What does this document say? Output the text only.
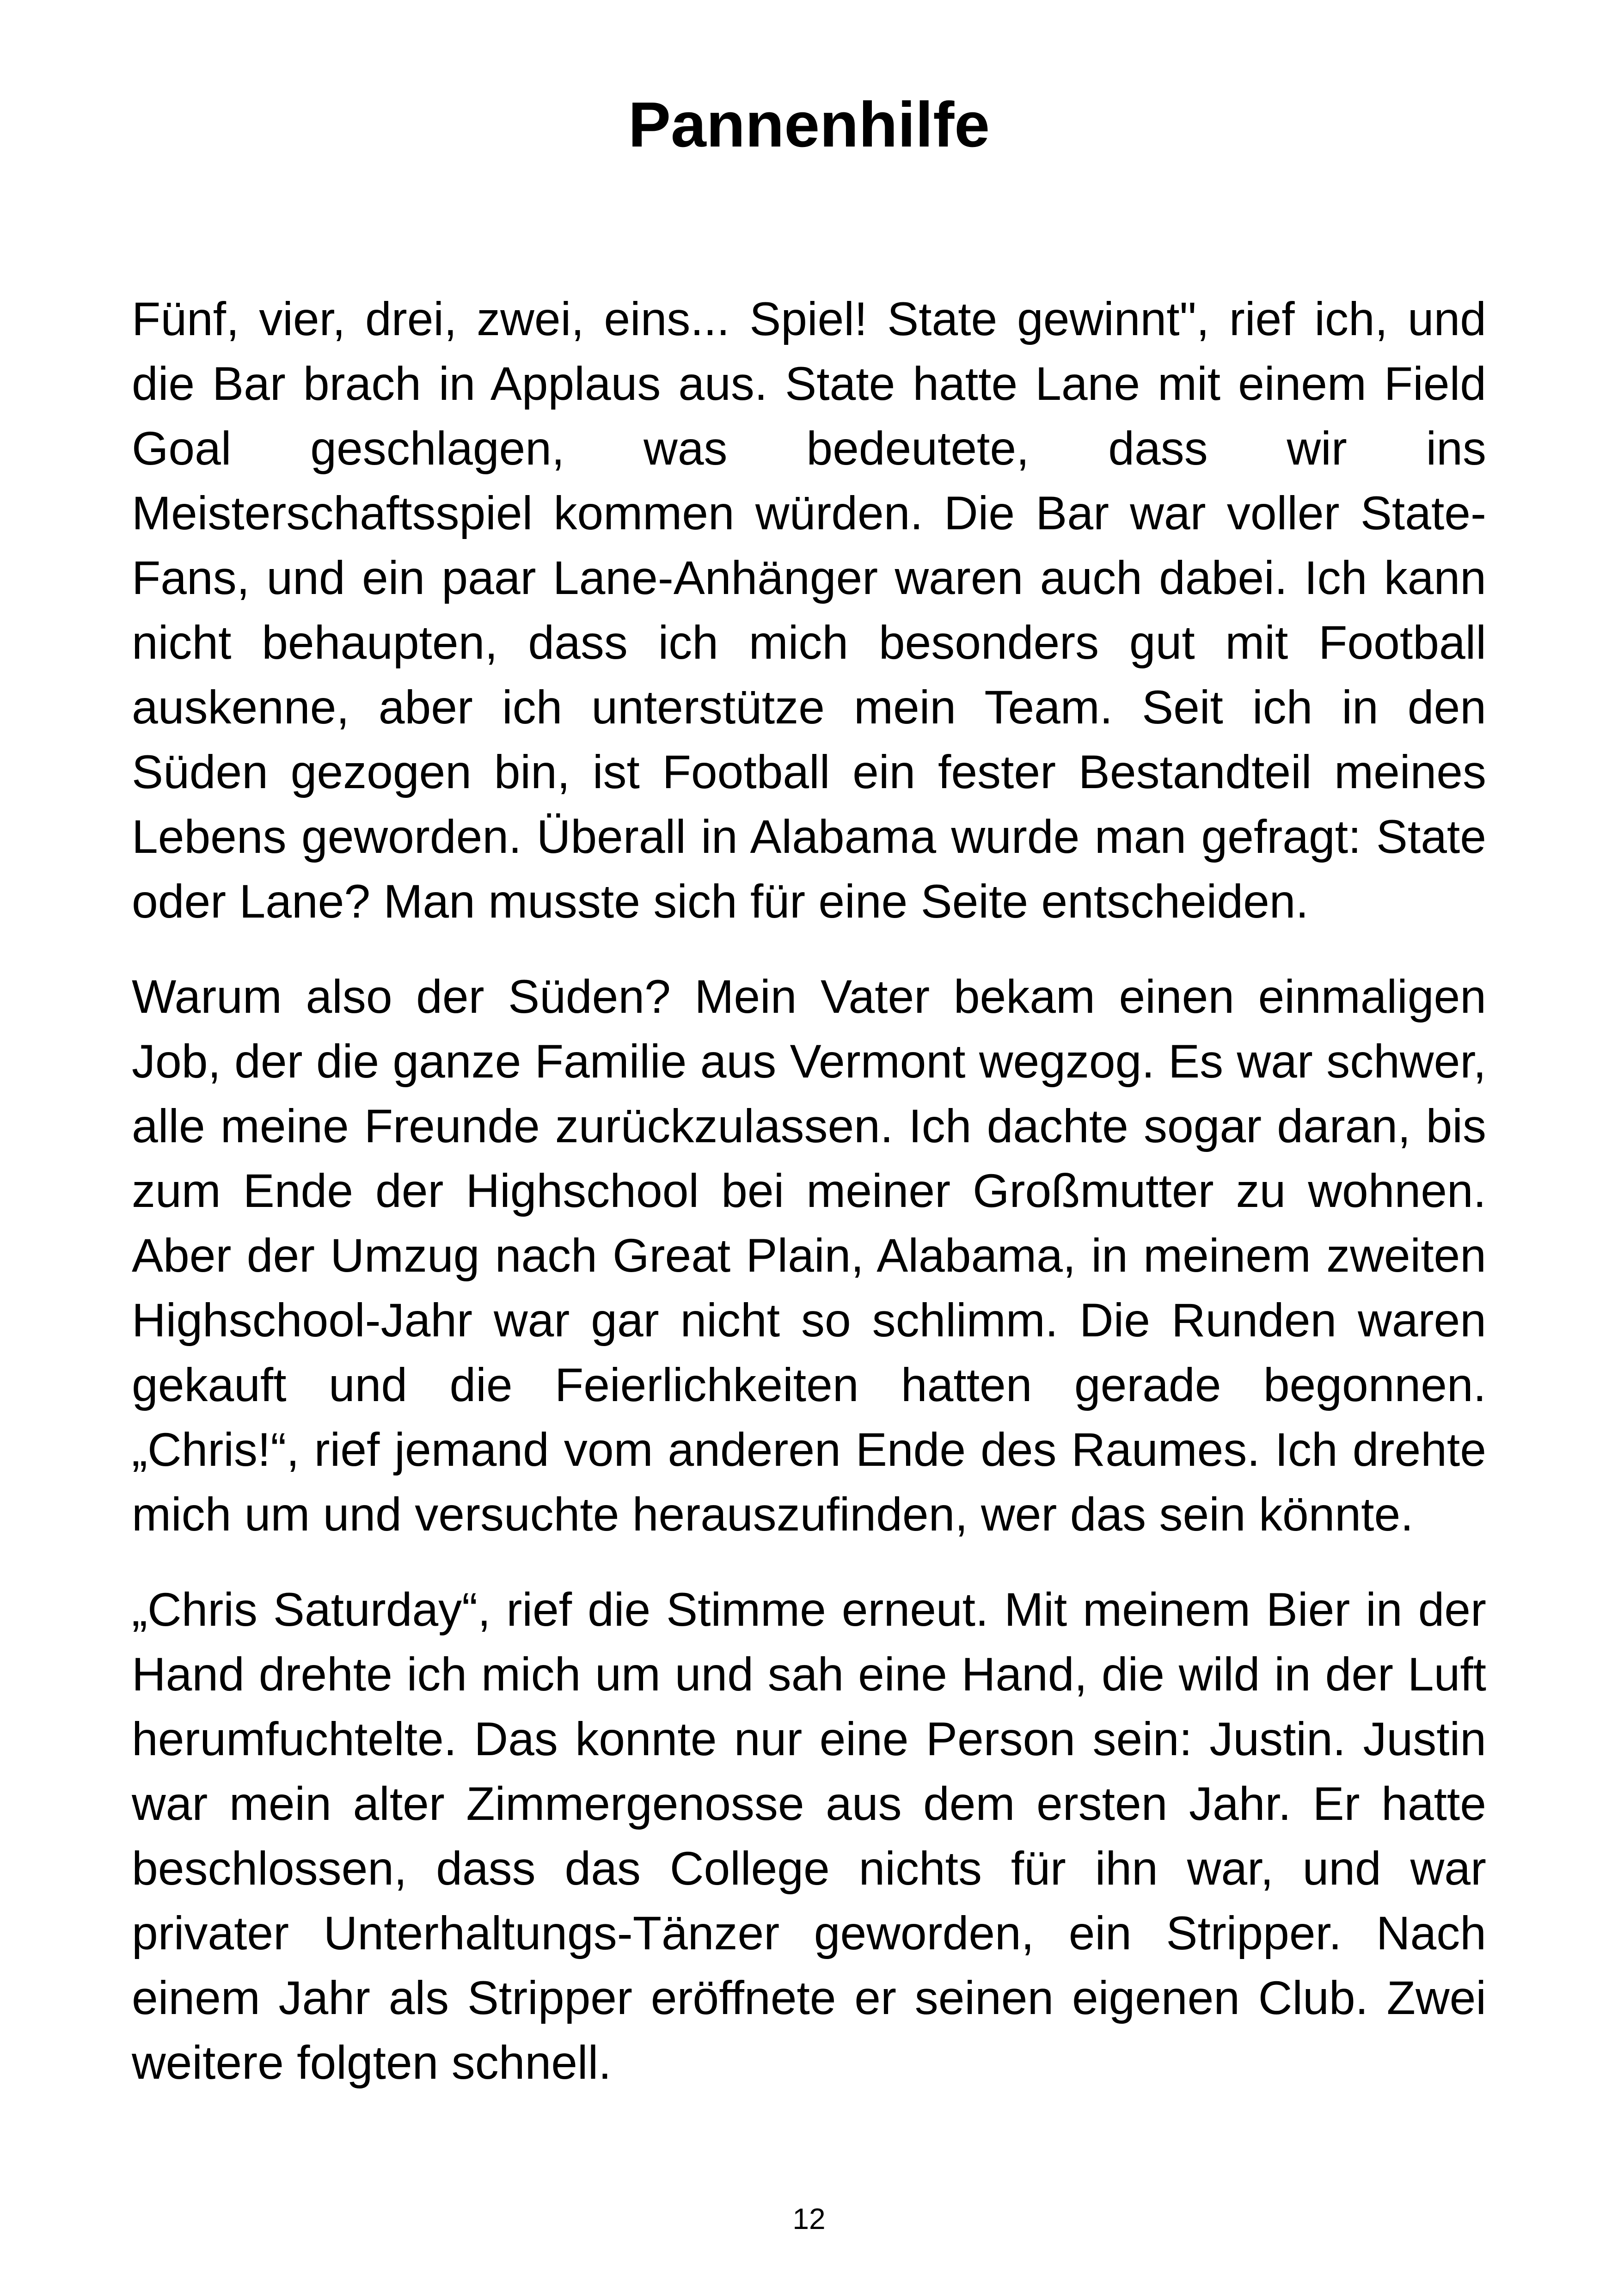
Pannenhilfe

Fünf, vier, drei, zwei, eins... Spiel! State gewinnt", rief ich, und die Bar brach in Applaus aus. State hatte Lane mit einem Field Goal geschlagen, was bedeutete, dass wir ins Meisterschaftsspiel kommen würden. Die Bar war voller State-Fans, und ein paar Lane-Anhänger waren auch dabei. Ich kann nicht behaupten, dass ich mich besonders gut mit Football auskenne, aber ich unterstütze mein Team. Seit ich in den Süden gezogen bin, ist Football ein fester Bestandteil meines Lebens geworden. Überall in Alabama wurde man gefragt: State oder Lane? Man musste sich für eine Seite entscheiden.

Warum also der Süden? Mein Vater bekam einen einmaligen Job, der die ganze Familie aus Vermont wegzog. Es war schwer, alle meine Freunde zurückzulassen. Ich dachte sogar daran, bis zum Ende der Highschool bei meiner Großmutter zu wohnen. Aber der Umzug nach Great Plain, Alabama, in meinem zweiten Highschool-Jahr war gar nicht so schlimm. Die Runden waren gekauft und die Feierlichkeiten hatten gerade begonnen. „Chris!“, rief jemand vom anderen Ende des Raumes. Ich drehte mich um und versuchte herauszufinden, wer das sein könnte.

„Chris Saturday“, rief die Stimme erneut. Mit meinem Bier in der Hand drehte ich mich um und sah eine Hand, die wild in der Luft herumfuchtelte. Das konnte nur eine Person sein: Justin. Justin war mein alter Zimmergenosse aus dem ersten Jahr. Er hatte beschlossen, dass das College nichts für ihn war, und war privater Unterhaltungs-Tänzer geworden, ein Stripper. Nach einem Jahr als Stripper eröffnete er seinen eigenen Club. Zwei weitere folgten schnell.

12
